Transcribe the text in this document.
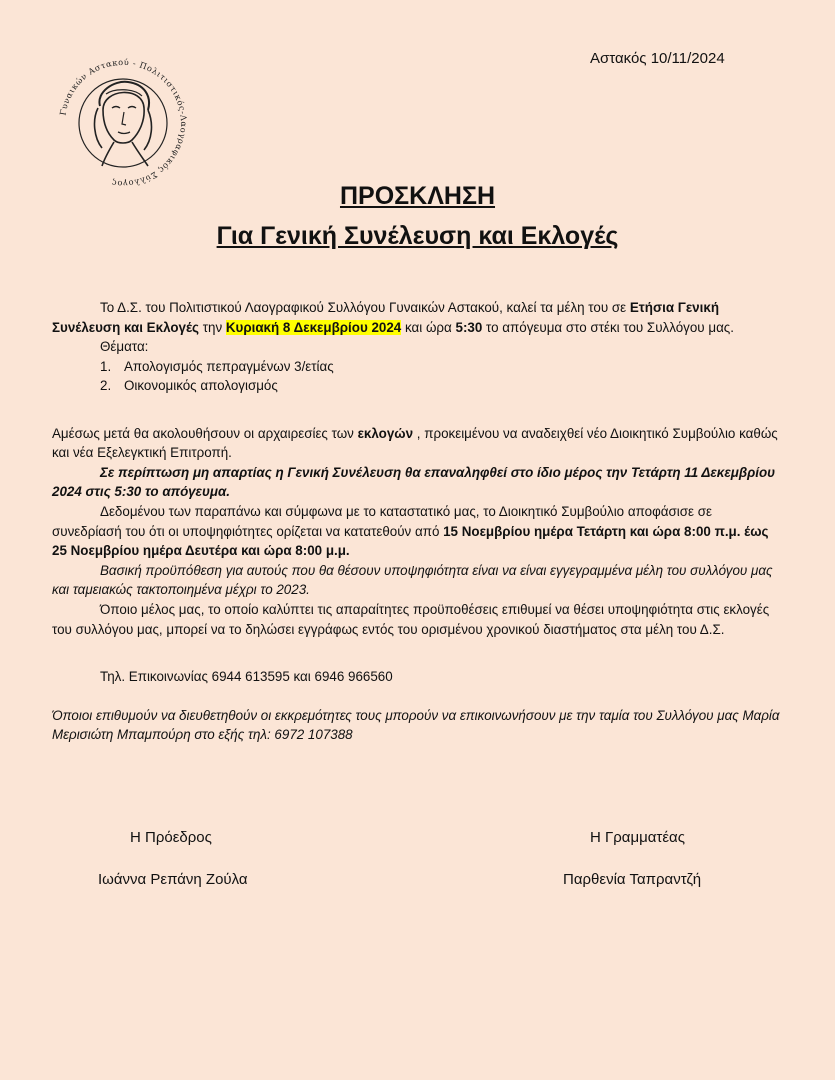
Αστακός 10/11/2024
Γυναικών Αστακού - Πολιτιστικός-Λαογραφικός Σύλλογος	ΠΡΟΣΚΛΗΣΗ
Για Γενική Συνέλευση και Εκλογές

Το Δ.Σ. του Πολιτιστικού Λαογραφικού Συλλόγου Γυναικών Αστακού, καλεί τα μέλη του σε Ετήσια Γενική Συνέλευση και Εκλογές την Κυριακή 8 Δεκεμβρίου 2024 και ώρα 5:30 το απόγευμα στο στέκι του Συλλόγου μας.

Θέματα:

1. Απολογισμός πεπραγμένων 3/ετίας
2. Οικονομικός απολογισμός

Αμέσως μετά θα ακολουθήσουν οι αρχαιρεσίες των εκλογών , προκειμένου να αναδειχθεί νέο Διοικητικό Συμβούλιο καθώς και νέα Εξελεγκτική Επιτροπή.

Σε περίπτωση μη απαρτίας η Γενική Συνέλευση θα επαναληφθεί στο ίδιο μέρος την Τετάρτη 11 Δεκεμβρίου 2024 στις 5:30 το απόγευμα.

Δεδομένου των παραπάνω και σύμφωνα με το καταστατικό μας, το Διοικητικό Συμβούλιο αποφάσισε σε συνεδρίασή του ότι οι υποψηφιότητες ορίζεται να κατατεθούν από 15 Νοεμβρίου ημέρα Τετάρτη και ώρα 8:00 π.μ. έως 25 Νοεμβρίου ημέρα Δευτέρα και ώρα 8:00 μ.μ.

Βασική προϋπόθεση για αυτούς που θα θέσουν υποψηφιότητα είναι να είναι εγγεγραμμένα μέλη του συλλόγου μας και ταμειακώς τακτοποιημένα μέχρι το 2023.

Όποιο μέλος μας, το οποίο καλύπτει τις απαραίτητες προϋποθέσεις επιθυμεί να θέσει υποψηφιότητα στις εκλογές του συλλόγου μας, μπορεί να το δηλώσει εγγράφως εντός του ορισμένου χρονικού διαστήματος στα μέλη του Δ.Σ.

Τηλ. Επικοινωνίας 6944 613595 και 6946 966560

Όποιοι επιθυμούν να διευθετηθούν οι εκκρεμότητες τους μπορούν να επικοινωνήσουν με την ταμία του Συλλόγου μας Μαρία Μερισιώτη Μπαμπούρη στο εξής τηλ: 6972 107388

Η Πρόεδρος
Ιωάννα Ρεπάνη Ζούλα
Η Γραμματέας
Παρθενία Ταπραντζή
